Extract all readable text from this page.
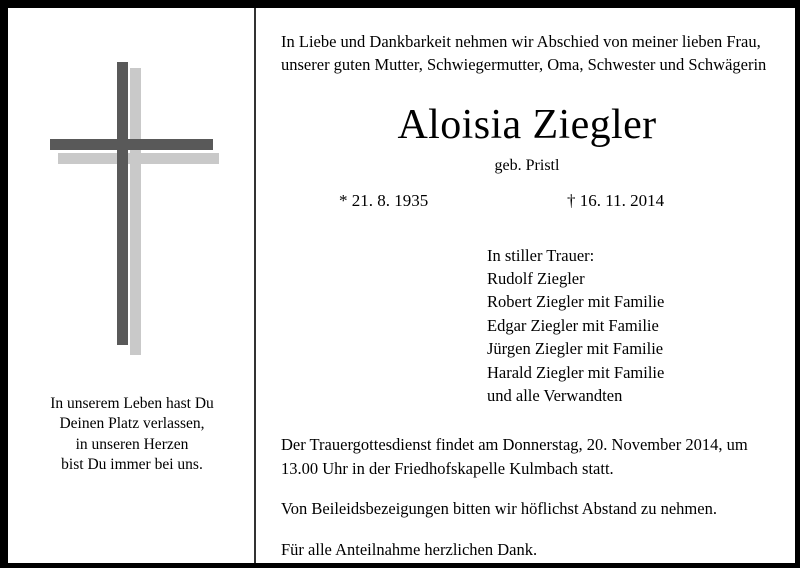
In unserem Leben hast Du
Deinen Platz verlassen,
in unseren Herzen
bist Du immer bei uns.

In Liebe und Dankbarkeit nehmen wir Abschied von meiner lieben Frau, unserer guten Mutter, Schwiegermutter, Oma, Schwester und Schwägerin

Aloisia Ziegler

geb. Pristl

* 21. 8. 1935	† 16. 11. 2014
In stiller Trauer:
Rudolf Ziegler
Robert Ziegler mit Familie
Edgar Ziegler mit Familie
Jürgen Ziegler mit Familie
Harald Ziegler mit Familie
und alle Verwandten

Der Trauergottesdienst findet am Donnerstag, 20. November 2014, um 13.00 Uhr in der Friedhofskapelle Kulmbach statt.

Von Beileidsbezeigungen bitten wir höflichst Abstand zu nehmen.

Für alle Anteilnahme herzlichen Dank.
